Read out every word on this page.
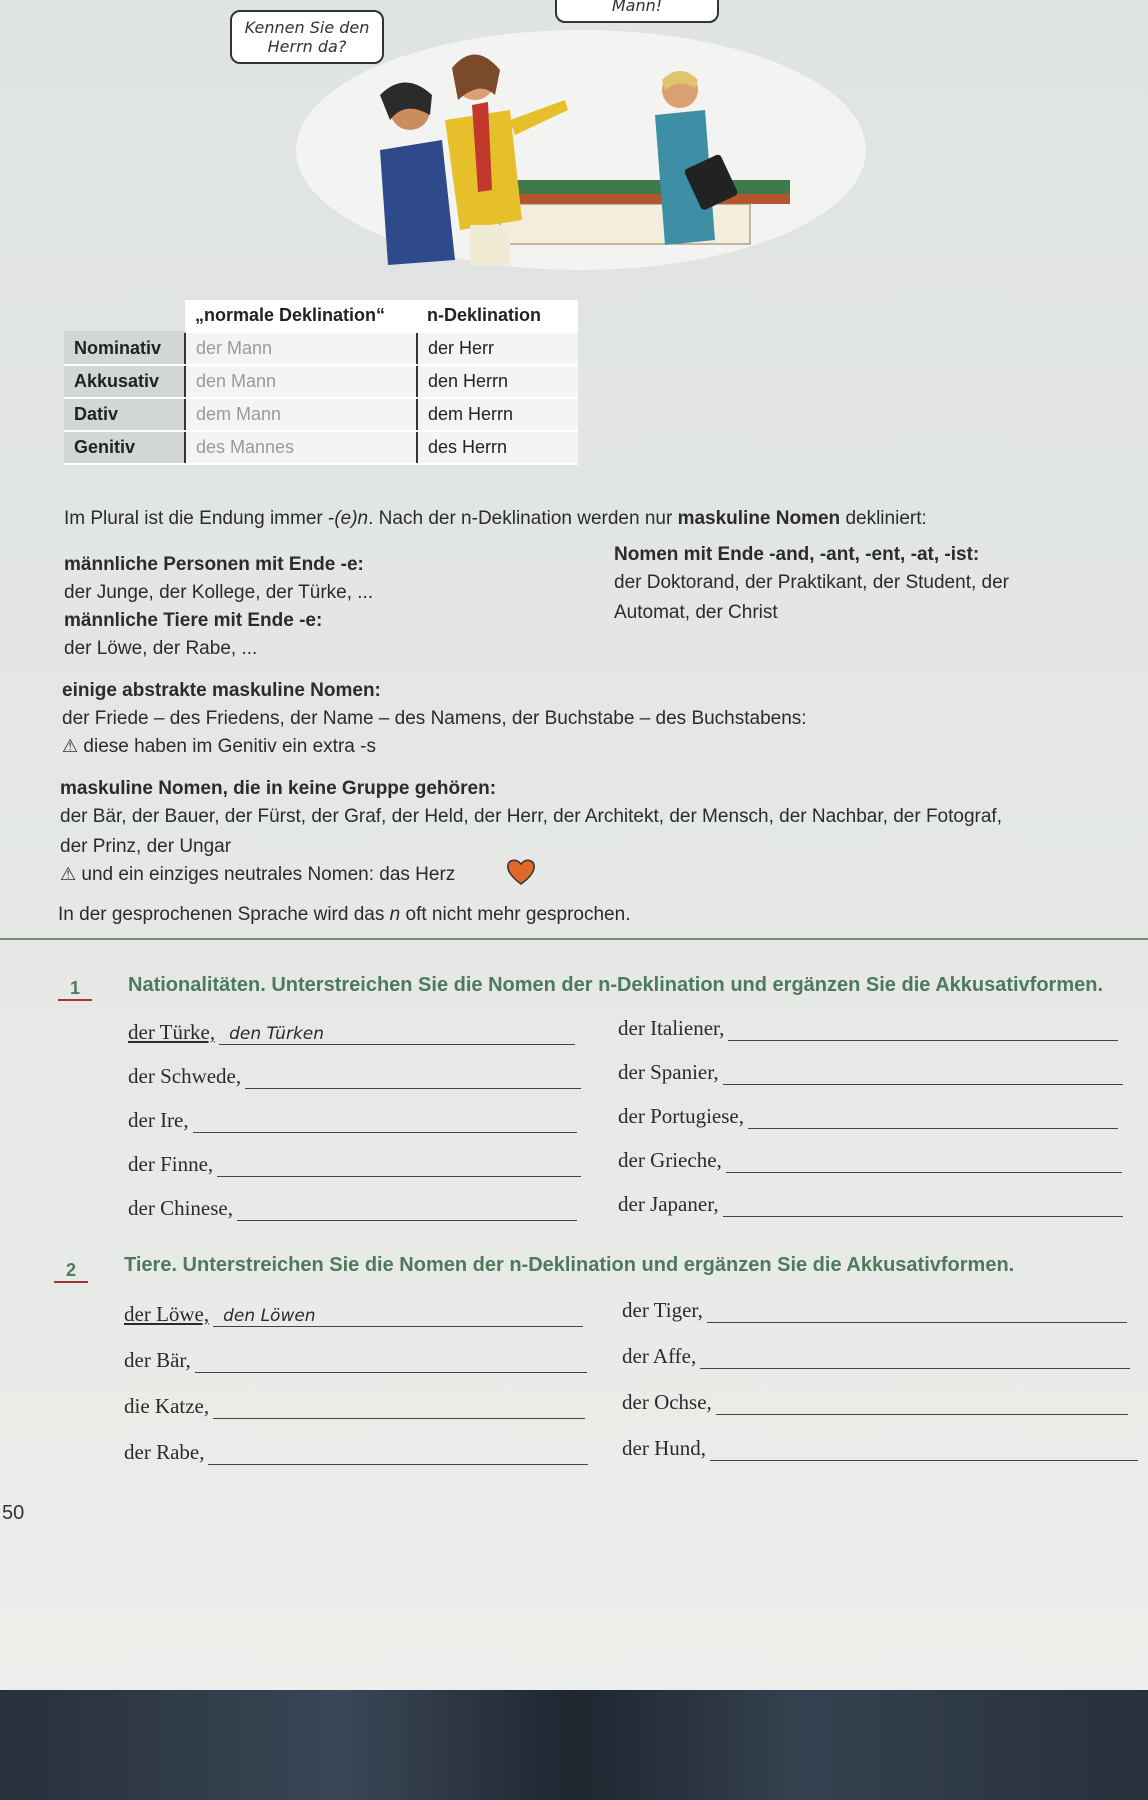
Kennen Sie den Herrn da?
Mann!
	„normale Deklination“	n-Deklination
Nominativ	der Mann	der Herr
Akkusativ	den Mann	den Herrn
Dativ	dem Mann	dem Herrn
Genitiv	des Mannes	des Herrn
Im Plural ist die Endung immer -(e)n. Nach der n-Deklination werden nur maskuline Nomen dekliniert:
männliche Personen mit Ende -e:
der Junge, der Kollege, der Türke, ...
männliche Tiere mit Ende -e:
der Löwe, der Rabe, ...
Nomen mit Ende -and, -ant, -ent, -at, -ist:
der Doktorand, der Praktikant, der Student, der
Automat, der Christ
einige abstrakte maskuline Nomen:
der Friede – des Friedens, der Name – des Namens, der Buchstabe – des Buchstabens:
⚠ diese haben im Genitiv ein extra -s
maskuline Nomen, die in keine Gruppe gehören:
der Bär, der Bauer, der Fürst, der Graf, der Held, der Herr, der Architekt, der Mensch, der Nachbar, der Fotograf,
der Prinz, der Ungar
⚠ und ein einziges neutrales Nomen: das Herz
In der gesprochenen Sprache wird das n oft nicht mehr gesprochen.
1	Nationalitäten. Unterstreichen Sie die Nomen der n-Deklination und ergänzen Sie die Akkusativformen.
der Türke, den Türken
der Schwede,
der Ire,
der Finne,
der Chinese,
der Italiener,
der Spanier,
der Portugiese,
der Grieche,
der Japaner,
2	Tiere. Unterstreichen Sie die Nomen der n-Deklination und ergänzen Sie die Akkusativformen.
der Löwe, den Löwen
der Bär,
die Katze,
der Rabe,
der Tiger,
der Affe,
der Ochse,
der Hund,
50
